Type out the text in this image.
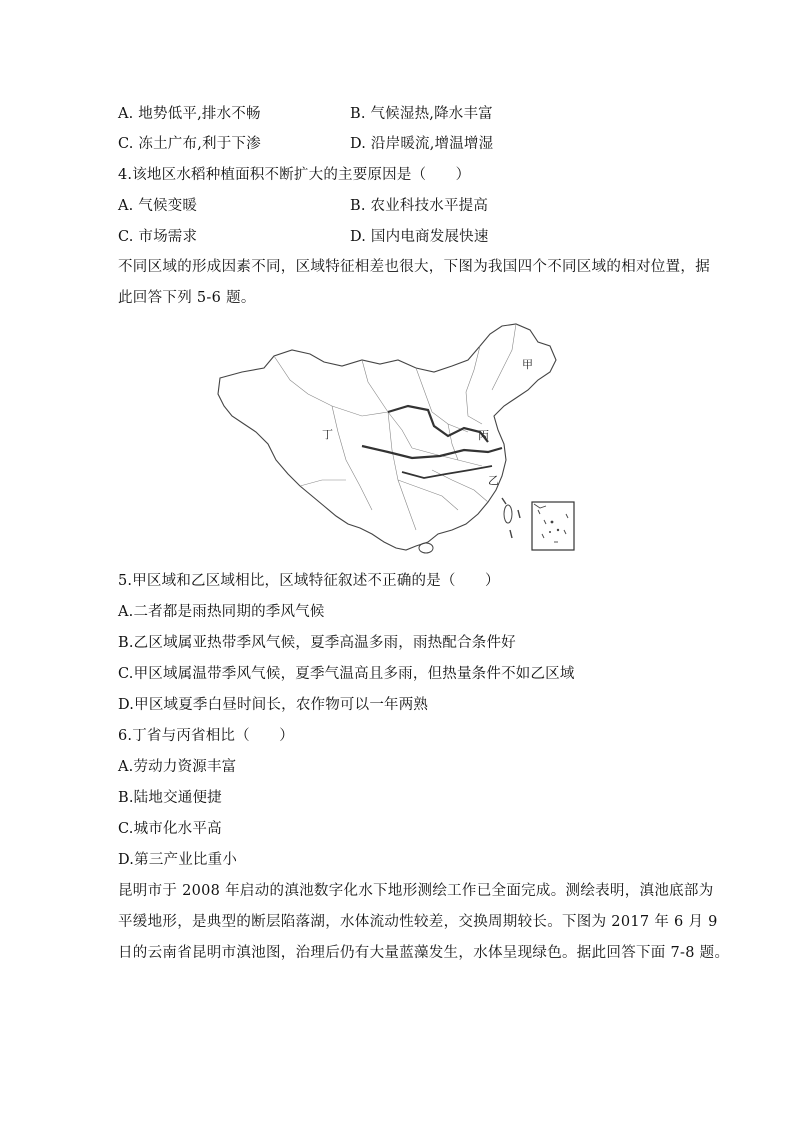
A. 地势低平,排水不畅	B. 气候湿热,降水丰富
C. 冻土广布,利于下渗	D. 沿岸暖流,增温增湿
4.该地区水稻种植面积不断扩大的主要原因是（　　）
A. 气候变暖	B. 农业科技水平提高
C. 市场需求	D. 国内电商发展快速
不同区域的形成因素不同，区域特征相差也很大，下图为我国四个不同区域的相对位置，据
此回答下列 5-6 题。
甲
乙
丙
丁
5.甲区域和乙区域相比，区域特征叙述不正确的是（　　）
A.二者都是雨热同期的季风气候
B.乙区域属亚热带季风气候，夏季高温多雨，雨热配合条件好
C.甲区域属温带季风气候，夏季气温高且多雨，但热量条件不如乙区域
D.甲区域夏季白昼时间长，农作物可以一年两熟
6.丁省与丙省相比（　　）
A.劳动力资源丰富
B.陆地交通便捷
C.城市化水平高
D.第三产业比重小
昆明市于 2008 年启动的滇池数字化水下地形测绘工作已全面完成。测绘表明，滇池底部为
平缓地形，是典型的断层陷落湖，水体流动性较差，交换周期较长。下图为 2017 年 6 月 9
日的云南省昆明市滇池图，治理后仍有大量蓝藻发生，水体呈现绿色。据此回答下面 7-8 题。
